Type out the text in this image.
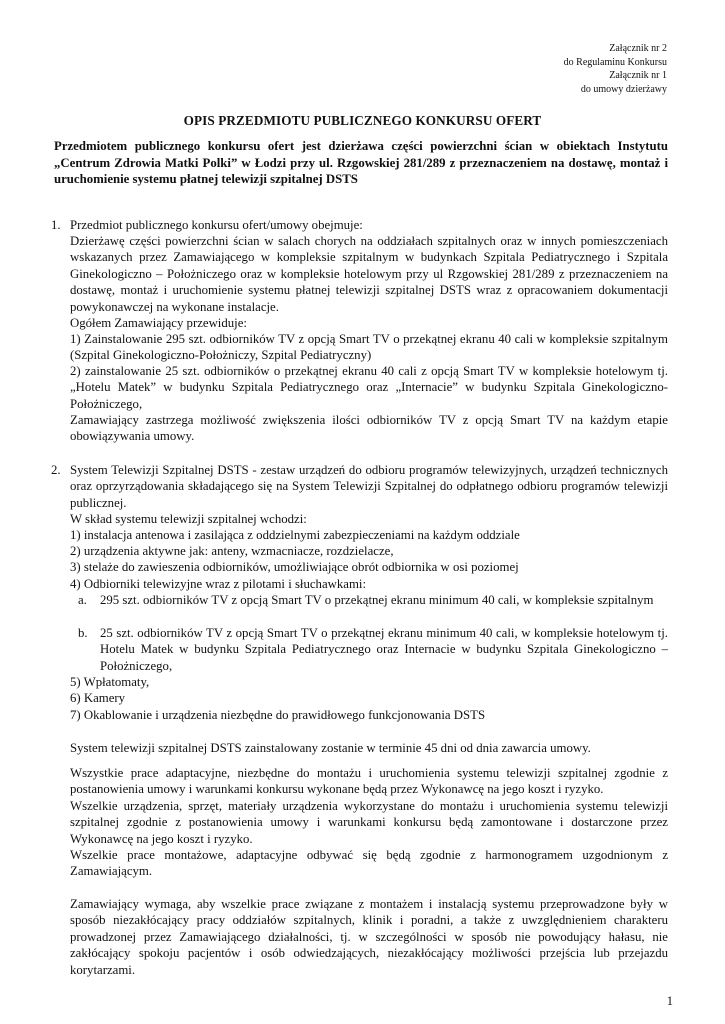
Załącznik nr 2
do Regulaminu Konkursu
Załącznik nr 1
do umowy dzierżawy
OPIS PRZEDMIOTU PUBLICZNEGO KONKURSU OFERT
Przedmiotem publicznego konkursu ofert jest dzierżawa części powierzchni ścian w obiektach Instytutu „Centrum Zdrowia Matki Polki” w Łodzi przy ul. Rzgowskiej 281/289 z przeznaczeniem na dostawę, montaż i uruchomienie systemu płatnej telewizji szpitalnej DSTS
1. Przedmiot publicznego konkursu ofert/umowy obejmuje:
Dzierżawę części powierzchni ścian w salach chorych na oddziałach szpitalnych oraz w innych pomieszczeniach wskazanych przez Zamawiającego w kompleksie szpitalnym w budynkach Szpitala Pediatrycznego i Szpitala Ginekologiczno – Położniczego oraz w kompleksie hotelowym przy ul Rzgowskiej 281/289 z przeznaczeniem na dostawę, montaż i uruchomienie systemu płatnej telewizji szpitalnej DSTS wraz z opracowaniem dokumentacji powykonawczej na wykonane instalacje.
Ogółem Zamawiający przewiduje:
1) Zainstalowanie 295 szt. odbiorników TV z opcją Smart TV o przekątnej ekranu 40 cali w kompleksie szpitalnym (Szpital Ginekologiczno-Położniczy, Szpital Pediatryczny)
2) zainstalowanie 25 szt. odbiorników o przekątnej ekranu 40 cali z opcją Smart TV w kompleksie hotelowym tj. „Hotelu Matek” w budynku Szpitala Pediatrycznego oraz „Internacie” w budynku Szpitala Ginekologiczno-Położniczego,
Zamawiający zastrzega możliwość zwiększenia ilości odbiorników TV z opcją Smart TV na każdym etapie obowiązywania umowy.
2. System Telewizji Szpitalnej DSTS - zestaw urządzeń do odbioru programów telewizyjnych, urządzeń technicznych oraz oprzyrządowania składającego się na System Telewizji Szpitalnej do odpłatnego odbioru programów telewizji publicznej.
W skład systemu telewizji szpitalnej wchodzi:
1) instalacja antenowa i zasilająca z oddzielnymi zabezpieczeniami na każdym oddziale
2) urządzenia aktywne jak: anteny, wzmacniacze, rozdzielacze,
3) stelaże do zawieszenia odbiorników, umożliwiające obrót odbiornika w osi poziomej
4) Odbiorniki telewizyjne wraz z pilotami i słuchawkami:
a. 295 szt. odbiorników TV z opcją Smart TV o przekątnej ekranu minimum 40 cali, w kompleksie szpitalnym
b. 25 szt. odbiorników TV z opcją Smart TV o przekątnej ekranu minimum 40 cali, w kompleksie hotelowym tj. Hotelu Matek w budynku Szpitala Pediatrycznego oraz Internacie w budynku Szpitala Ginekologiczno – Położniczego,
5) Wpłatomaty,
6) Kamery
7) Okablowanie i urządzenia niezbędne do prawidłowego funkcjonowania DSTS
System telewizji szpitalnej DSTS zainstalowany zostanie w terminie 45 dni od dnia zawarcia umowy.
Wszystkie prace adaptacyjne, niezbędne do montażu i uruchomienia systemu telewizji szpitalnej zgodnie z postanowienia umowy i warunkami konkursu wykonane będą przez Wykonawcę na jego koszt i ryzyko.
Wszelkie urządzenia, sprzęt, materiały urządzenia wykorzystane do montażu i uruchomienia systemu telewizji szpitalnej zgodnie z postanowienia umowy i warunkami konkursu będą zamontowane i dostarczone przez Wykonawcę na jego koszt i ryzyko.
Wszelkie prace montażowe, adaptacyjne odbywać się będą zgodnie z harmonogramem uzgodnionym z Zamawiającym.
Zamawiający wymaga, aby wszelkie prace związane z montażem i instalacją systemu przeprowadzone były w sposób niezakłócający pracy oddziałów szpitalnych, klinik i poradni, a także z uwzględnieniem charakteru prowadzonej przez Zamawiającego działalności, tj. w szczególności w sposób nie powodujący hałasu, nie zakłócający spokoju pacjentów i osób odwiedzających, niezakłócający możliwości przejścia lub przejazdu korytarzami.
1
